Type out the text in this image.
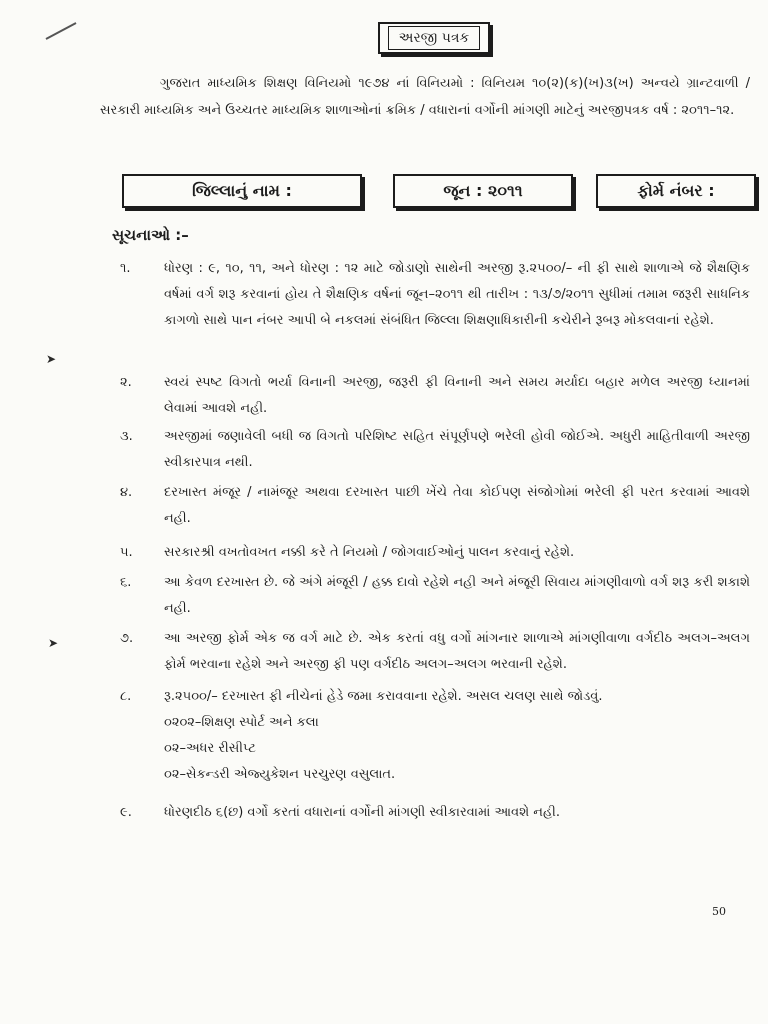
➤
➤
અરજી પત્રક

ગુજરાત માધ્યમિક શિક્ષણ વિનિયમો ૧૯૭૪ નાં વિનિયમો : વિનિયમ ૧૦(૨)(ક)(ખ)૩(ખ) અન્વયે ગ્રાન્ટવાળી / સરકારી માધ્યમિક અને ઉચ્ચતર માધ્યમિક શાળાઓનાં ક્રમિક / વધારાનાં વર્ગોની માંગણી માટેનું અરજીપત્રક વર્ષ : ૨૦૧૧–૧૨.

જિલ્લાનું નામ :	જૂન : ૨૦૧૧	ફોર્મ નંબર :

સૂચનાઓ :–

૧.	ધોરણ : ૯, ૧૦, ૧૧, અને ધોરણ : ૧૨ માટે જોડાણો સાથેની અરજી રૂ.૨૫૦૦/– ની ફી સાથે શાળાએ જે શૈક્ષણિક વર્ષમાં વર્ગ શરૂ કરવાનાં હોય તે શૈક્ષણિક વર્ષનાં જૂન–૨૦૧૧ થી તારીખ : ૧૩/૭/૨૦૧૧ સુધીમાં તમામ જરૂરી સાધનિક કાગળો સાથે પાન નંબર આપી બે નકલમાં સંબંધિત જિલ્લા શિક્ષણાધિકારીની કચેરીને રૂબરૂ મોકલવાનાં રહેશે.
૨.	સ્વયં સ્પષ્ટ વિગતો ભર્યા વિનાની અરજી, જરૂરી ફી વિનાની અને સમય મર્યાદા બહાર મળેલ અરજી ધ્યાનમાં લેવામાં આવશે નહી.
૩.	અરજીમાં જણાવેલી બધી જ વિગતો પરિશિષ્ટ સહિત સંપૂર્ણપણે ભરેલી હોવી જોઈએ. અધુરી માહિતીવાળી અરજી સ્વીકારપાત્ર નથી.
૪.	દરખાસ્ત મંજૂર / નામંજૂર અથવા દરખાસ્ત પાછી ખેંચે તેવા કોઈપણ સંજોગોમાં ભરેલી ફી પરત કરવામાં આવશે નહી.
૫.	સરકારશ્રી વખતોવખત નક્કી કરે તે નિયમો / જોગવાઈઓનું પાલન કરવાનું રહેશે.
૬.	આ કેવળ દરખાસ્ત છે. જે અંગે મંજૂરી / હક્ક દાવો રહેશે નહી અને મંજૂરી સિવાય માંગણીવાળો વર્ગ શરૂ કરી શકાશે નહી.
૭.	આ અરજી ફોર્મ એક જ વર્ગ માટે છે. એક કરતાં વધુ વર્ગો માંગનાર શાળાએ માંગણીવાળા વર્ગદીઠ અલગ–અલગ ફોર્મ ભરવાના રહેશે અને અરજી ફી પણ વર્ગદીઠ અલગ–અલગ ભરવાની રહેશે.
૮.	રૂ.૨૫૦૦/– દરખાસ્ત ફી નીચેનાં હેડે જમા કરાવવાના રહેશે. અસલ ચલણ સાથે જોડવું.
૦૨૦૨–શિક્ષણ સ્પોર્ટ અને કલા
૦૨–અધર રીસીપ્ટ
૦૨–સેકન્ડરી એજ્યુકેશન પરચુરણ વસુલાત.
૯.	ધોરણદીઠ ૬(છ) વર્ગો કરતાં વધારાનાં વર્ગોની માંગણી સ્વીકારવામાં આવશે નહી.
50
